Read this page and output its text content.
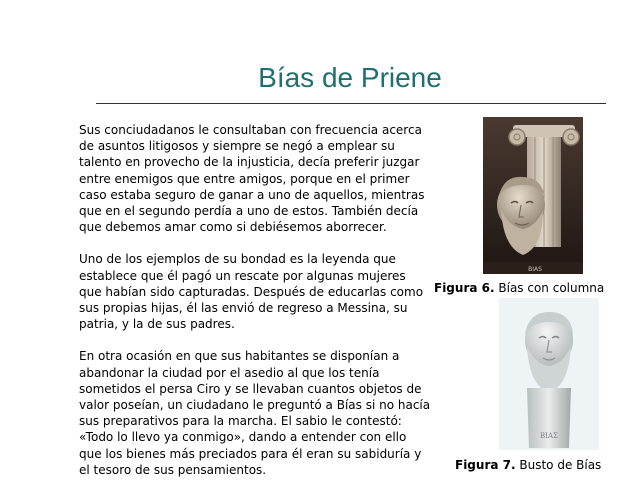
Bías de Priene

Sus conciudadanos le consultaban con frecuencia acerca de asuntos litigosos y siempre se negó a emplear su talento en provecho de la injusticia, decía preferir juzgar entre enemigos que entre amigos, porque en el primer caso estaba seguro de ganar a uno de aquellos, mientras que en el segundo perdía a uno de estos. También decía que debemos amar como si debiésemos aborrecer.

Uno de los ejemplos de su bondad es la leyenda que establece que él pagó un rescate por algunas mujeres que habían sido capturadas. Después de educarlas como sus propias hijas, él las envió de regreso a Messina, su patria, y la de sus padres.

En otra ocasión en que sus habitantes se disponían a abandonar la ciudad por el asedio al que los tenía sometidos el persa Ciro y se llevaban cuantos objetos de valor poseían, un ciudadano le preguntó a Bías si no hacía sus preparativos para la marcha. El sabio le contestó: «Todo lo llevo ya conmigo», dando a entender con ello que los bienes más preciados para él eran su sabiduría y el tesoro de sus pensamientos.

BIAS
Figura 6. Bías con columna
ΒΙΑΣ
Figura 7. Busto de Bías
